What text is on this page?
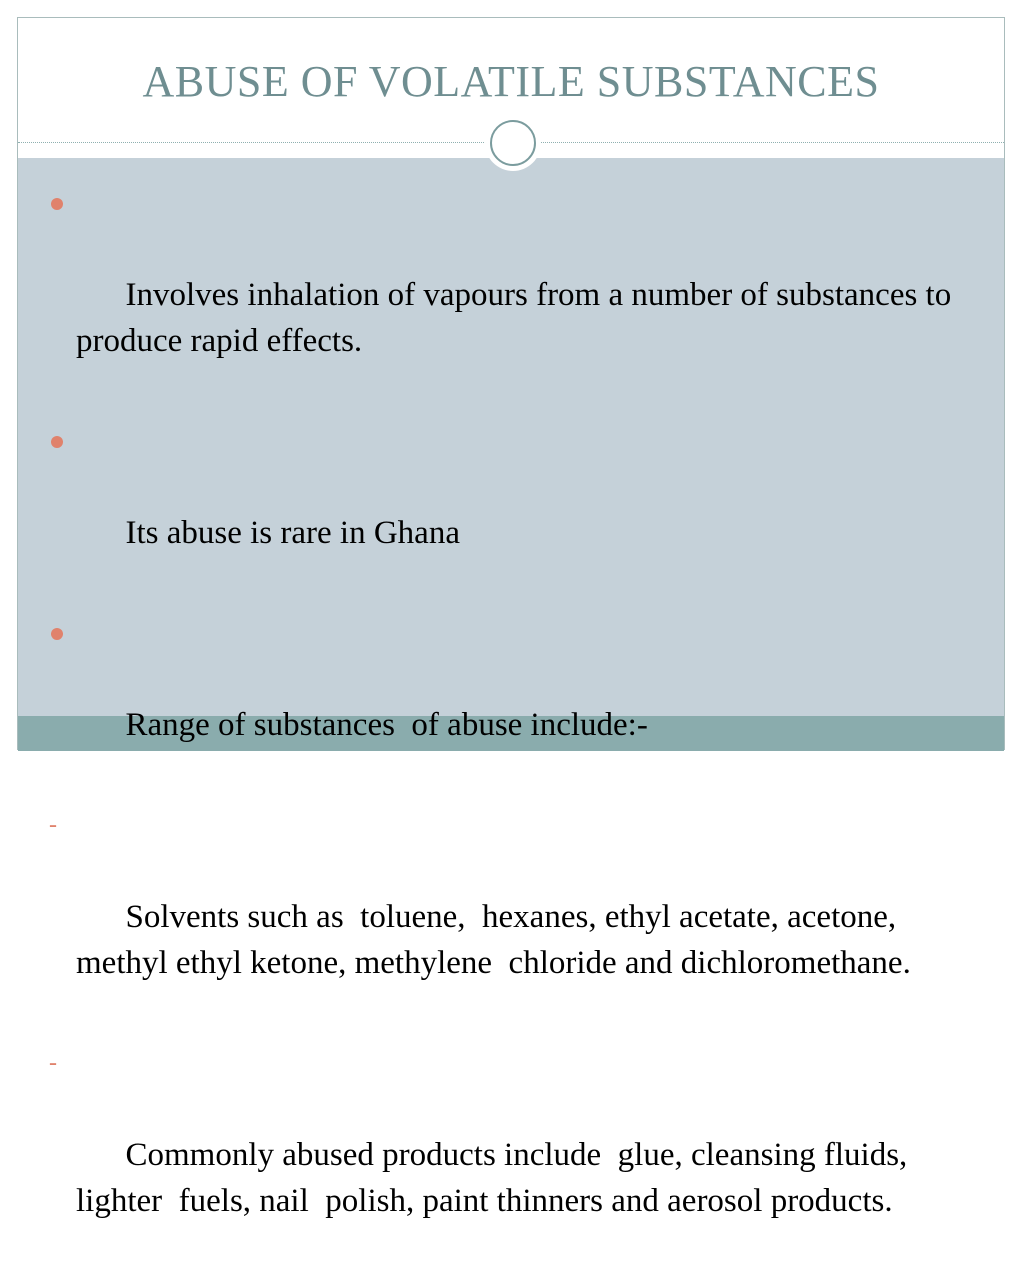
ABUSE OF VOLATILE SUBSTANCES

Involves inhalation of vapours from a number of substances to produce rapid effects.

Its abuse is rare in Ghana

Range of substances  of abuse include:-

-

Solvents such as  toluene,  hexanes, ethyl acetate, acetone, methyl ethyl ketone, methylene  chloride and dichloromethane.

-

Commonly abused products include  glue, cleansing fluids, lighter  fuels, nail  polish, paint thinners and aerosol products.
